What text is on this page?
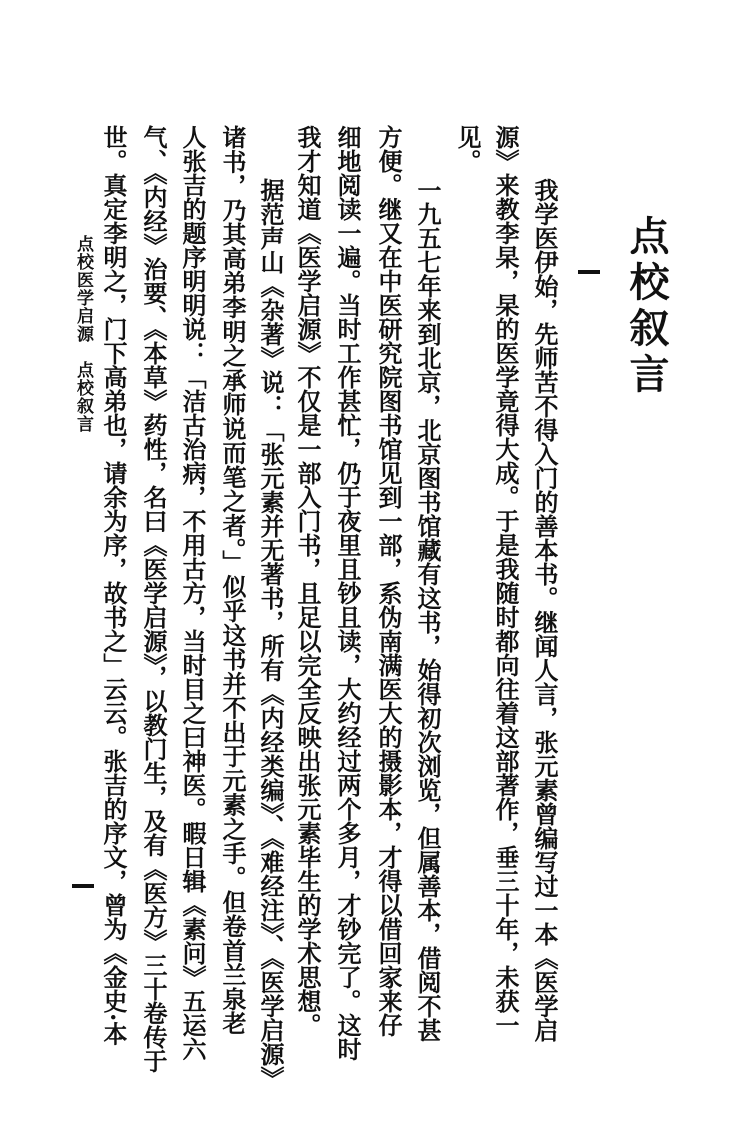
点校叙言
我学医伊始，先师苦不得入门的善本书。继闻人言，张元素曾编写过一本《医学启
源》来教李杲，杲的医学竟得大成。于是我随时都向往着这部著作，垂三十年，未获一
见。
一九五七年来到北京，北京图书馆藏有这书，始得初次浏览，但属善本，借阅不甚
方便。继又在中医研究院图书馆见到一部，系伪南满医大的摄影本，才得以借回家来仔
细地阅读一遍。当时工作甚忙，仍于夜里且钞且读，大约经过两个多月，才钞完了。这时
我才知道《医学启源》不仅是一部入门书，且足以完全反映出张元素毕生的学术思想。
据范声山《杂著》说：「张元素并无著书，所有《内经类编》、《难经注》、《医学启源》
诸书，乃其高弟李明之承师说而笔之者。」似乎这书并不出于元素之手。但卷首兰泉老
人张吉的题序明明说：「洁古治病，不用古方，当时目之曰神医。暇日辑《素问》五运六
气、《内经》治要、《本草》药性，名曰《医学启源》，以教门生，及有《医方》三十卷传于
世。真定李明之，门下高弟也，请余为序，故书之」云云。张吉的序文，曾为《金史·本
点校医学启源　点校叙言
